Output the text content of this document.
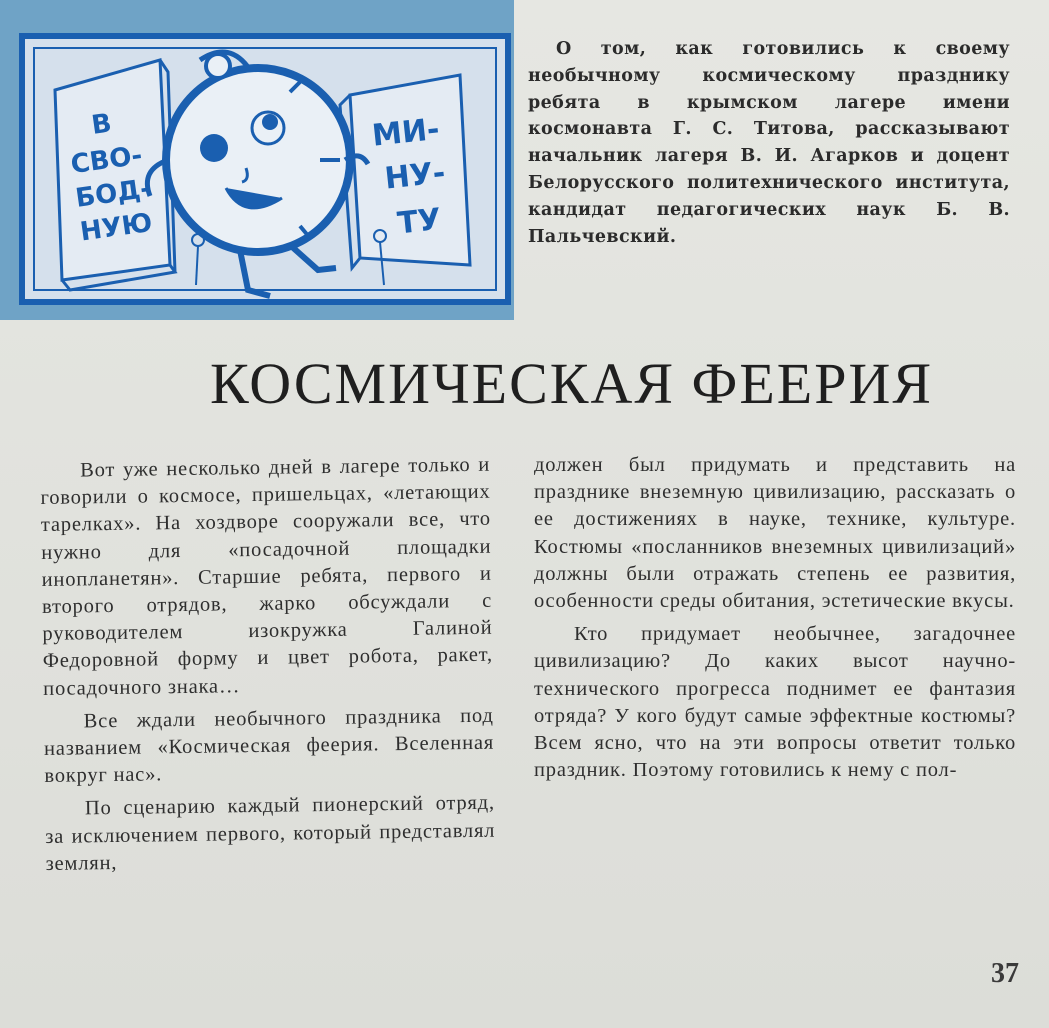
В
СВО-
БОД-
НУЮ
МИ-
НУ-
ТУ

О том, как готовились к своему необычному космическому празднику ребята в крымском лагере имени космонавта Г. С. Титова, рассказывают начальник лагеря В. И. Агарков и доцент Белорусского политехнического института, кандидат педагогических наук Б. В. Пальчевский.

КОСМИЧЕСКАЯ ФЕЕРИЯ

Вот уже несколько дней в лагере только и говорили о космосе, пришельцах, «летающих тарелках». На хоздворе сооружали все, что нужно для «посадочной площадки инопланетян». Старшие ребята, первого и второго отрядов, жарко обсуждали с руководителем изокружка Галиной Федоровной форму и цвет робота, ракет, посадочного знака…

Все ждали необычного праздника под названием «Космическая феерия. Вселенная вокруг нас».

По сценарию каждый пионерский отряд, за исключением первого, который представлял землян,

должен был придумать и представить на празднике внеземную цивилизацию, рассказать о ее достижениях в науке, технике, культуре. Костюмы «посланников внеземных цивилизаций» должны были отражать степень ее развития, особенности среды обитания, эстетические вкусы.

Кто придумает необычнее, загадочнее цивилизацию? До каких высот научно-технического прогресса поднимет ее фантазия отряда? У кого будут самые эффектные костюмы? Всем ясно, что на эти вопросы ответит только праздник. Поэтому готовились к нему с пол-

37
